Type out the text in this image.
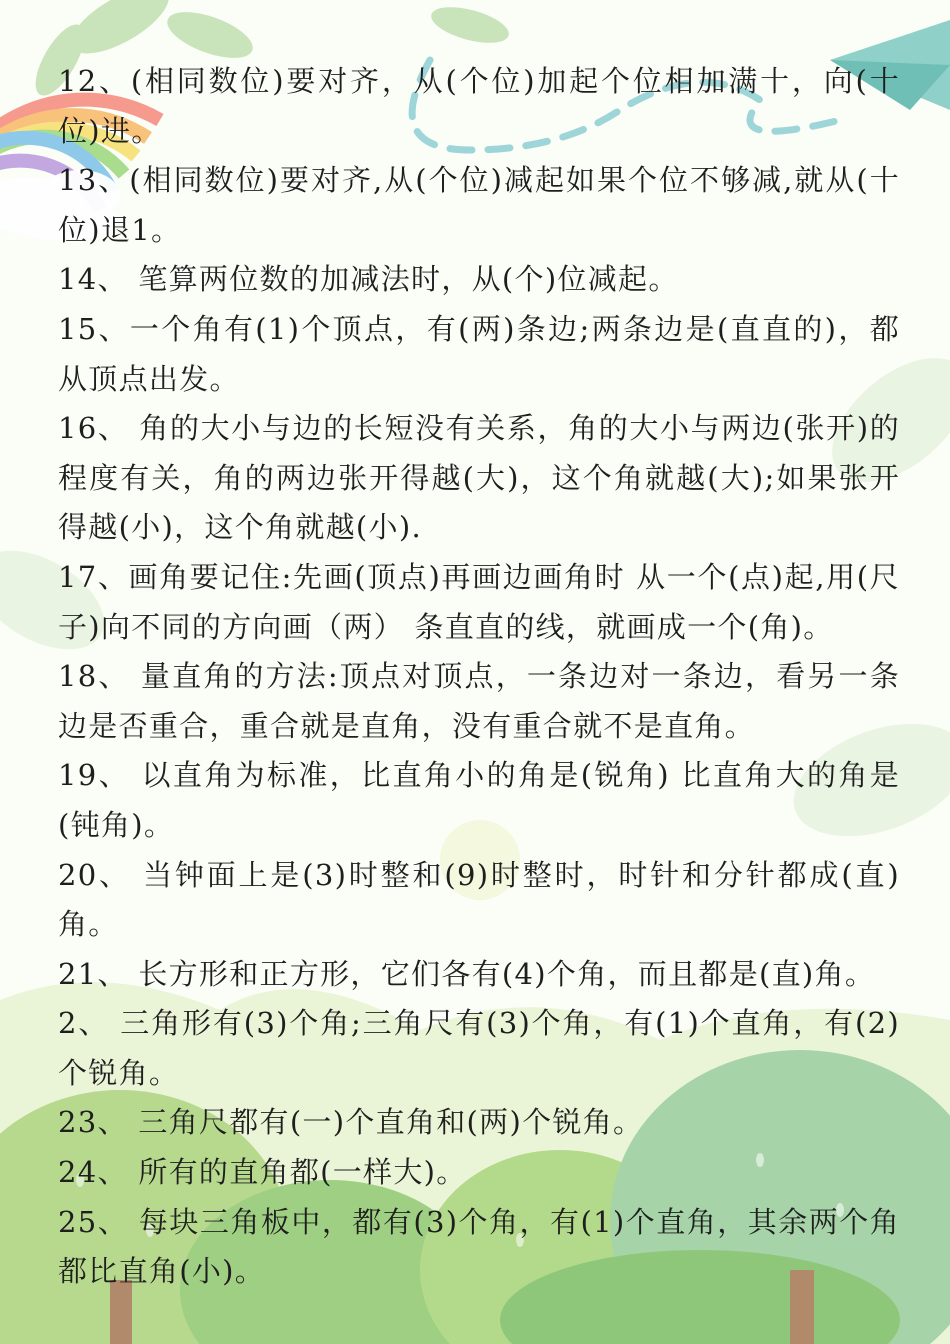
12、(相同数位)要对齐，从(个位)加起个位相加满十，向(十位)进。

13、(相同数位)要对齐,从(个位)减起如果个位不够减,就从(十位)退1。

14、 笔算两位数的加减法时，从(个)位减起。

15、一个角有(1)个顶点，有(两)条边;两条边是(直直的)，都从顶点出发。

16、 角的大小与边的长短没有关系，角的大小与两边(张开)的程度有关，角的两边张开得越(大)，这个角就越(大);如果张开得越(小)，这个角就越(小).

17、画角要记住:先画(顶点)再画边画角时 从一个(点)起,用(尺子)向不同的方向画（两） 条直直的线，就画成一个(角)。

18、 量直角的方法:顶点对顶点，一条边对一条边，看另一条边是否重合，重合就是直角，没有重合就不是直角。

19、 以直角为标准，比直角小的角是(锐角) 比直角大的角是(钝角)。

20、 当钟面上是(3)时整和(9)时整时，时针和分针都成(直)角。

21、 长方形和正方形，它们各有(4)个角，而且都是(直)角。

2、 三角形有(3)个角;三角尺有(3)个角，有(1)个直角，有(2)个锐角。

23、 三角尺都有(一)个直角和(两)个锐角。

24、 所有的直角都(一样大)。

25、 每块三角板中，都有(3)个角，有(1)个直角，其余两个角都比直角(小)。
